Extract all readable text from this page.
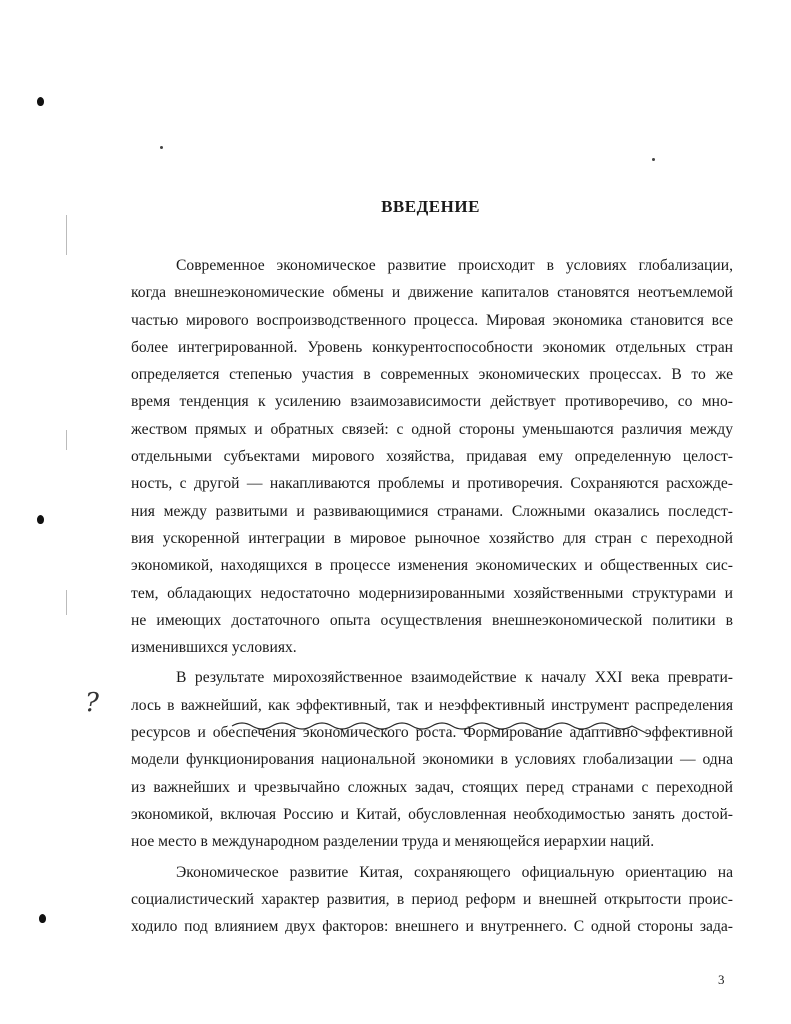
ВВЕДЕНИЕ
Современное экономическое развитие происходит в условиях глобализации,
когда внешнеэкономические обмены и движение капиталов становятся неотъемлемой
частью мирового воспроизводственного процесса. Мировая экономика становится все
более интегрированной. Уровень конкурентоспособности экономик отдельных стран
определяется степенью участия в современных экономических процессах. В то же
время тенденция к усилению взаимозависимости действует противоречиво, со мно-
жеством прямых и обратных связей: с одной стороны уменьшаются различия между
отдельными субъектами мирового хозяйства, придавая ему определенную целост-
ность, с другой — накапливаются проблемы и противоречия. Сохраняются расхожде-
ния между развитыми и развивающимися странами. Сложными оказались последст-
вия ускоренной интеграции в мировое рыночное хозяйство для стран с переходной
экономикой, находящихся в процессе изменения экономических и общественных сис-
тем, обладающих недостаточно модернизированными хозяйственными структурами и
не имеющих достаточного опыта осуществления внешнеэкономической политики в
изменившихся условиях.
В результате мирохозяйственное взаимодействие к началу XXI века преврати-
лось в важнейший, как эффективный, так и неэффективный инструмент распределения
ресурсов и обеспечения экономического роста. Формирование адаптивно эффективной
модели функционирования национальной экономики в условиях глобализации — одна
из важнейших и чрезвычайно сложных задач, стоящих перед странами с переходной
экономикой, включая Россию и Китай, обусловленная необходимостью занять достой-
ное место в международном разделении труда и меняющейся иерархии наций.
Экономическое развитие Китая, сохраняющего официальную ориентацию на
социалистический характер развития, в период реформ и внешней открытости проис-
ходило под влиянием двух факторов: внешнего и внутреннего. С одной стороны зада-
?
3
